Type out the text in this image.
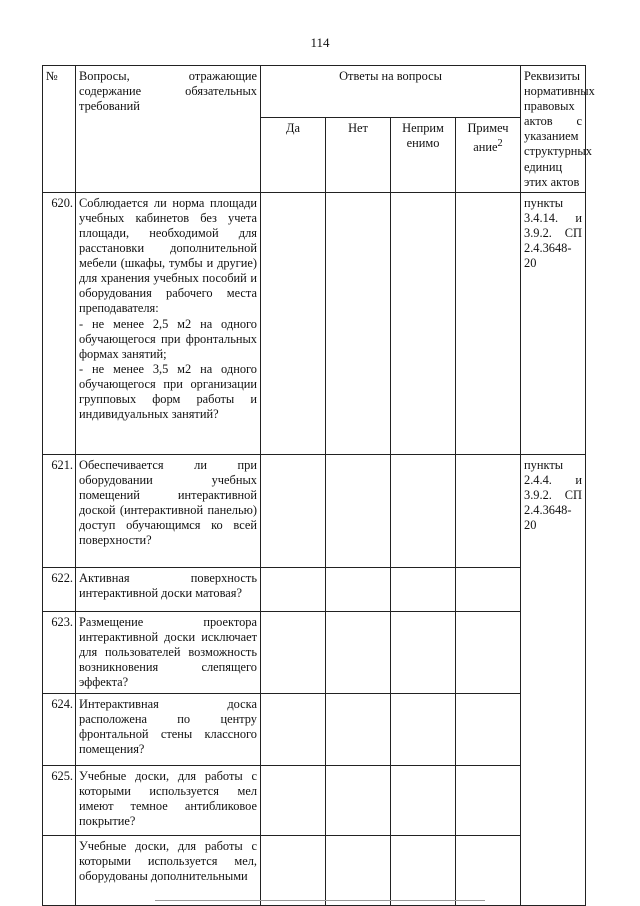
114
№	Вопросы, отражающие содержание обязательных требований	Ответы на вопросы				Реквизиты нормативных правовых актов с указанием структурных единиц этих актов
		Да	Нет	Неприм енимо	Примеч ание$^2$
620.	Соблюдается ли норма площади учебных кабинетов без учета площади, необходимой для расстановки дополнительной мебели (шкафы, тумбы и другие) для хранения учебных пособий и оборудования рабочего места преподавателя:
- не менее 2,5 м2 на одного обучающегося при фронтальных формах занятий;
- не менее 3,5 м2 на одного обучающегося при организации групповых форм работы и индивидуальных занятий?					пункты 3.4.14. и 3.9.2. СП 2.4.3648-20
621.	Обеспечивается ли при оборудовании учебных помещений интерактивной доской (интерактивной панелью) доступ обучающимся ко всей поверхности?					пункты 2.4.4. и 3.9.2. СП 2.4.3648-20
622.	Активная поверхность интерактивной доски матовая?					
623.	Размещение проектора интерактивной доски исключает для пользователей возможность возникновения слепящего эффекта?					
624.	Интерактивная доска расположена по центру фронтальной стены классного помещения?					
625.	Учебные доски, для работы с которыми используется мел имеют темное антибликовое покрытие?					
	Учебные доски, для работы с которыми используется мел, оборудованы дополнительными					
